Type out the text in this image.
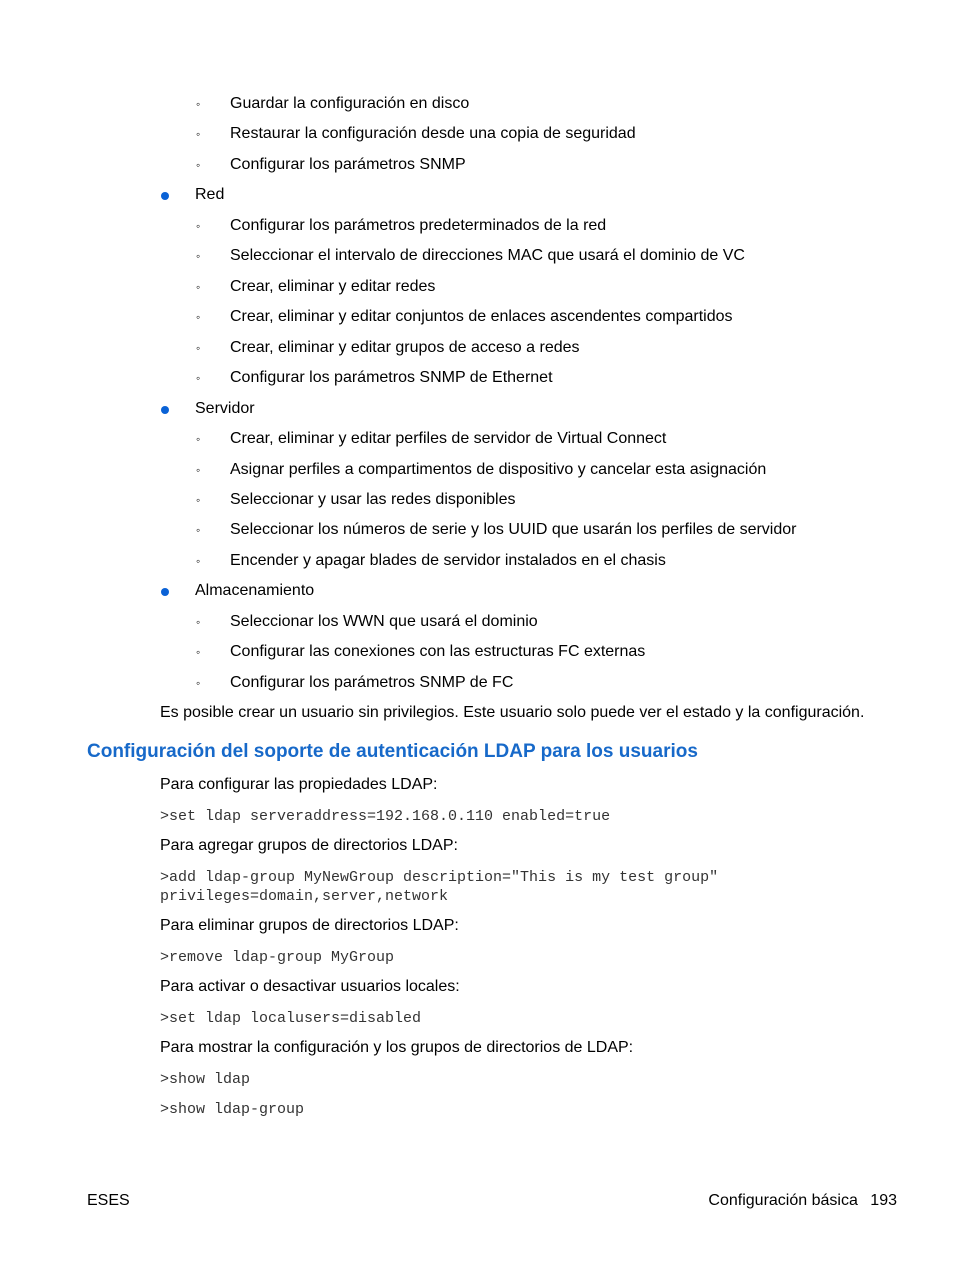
◦ Guardar la configuración en disco
◦ Restaurar la configuración desde una copia de seguridad
◦ Configurar los parámetros SNMP
Red
◦ Configurar los parámetros predeterminados de la red
◦ Seleccionar el intervalo de direcciones MAC que usará el dominio de VC
◦ Crear, eliminar y editar redes
◦ Crear, eliminar y editar conjuntos de enlaces ascendentes compartidos
◦ Crear, eliminar y editar grupos de acceso a redes
◦ Configurar los parámetros SNMP de Ethernet
Servidor
◦ Crear, eliminar y editar perfiles de servidor de Virtual Connect
◦ Asignar perfiles a compartimentos de dispositivo y cancelar esta asignación
◦ Seleccionar y usar las redes disponibles
◦ Seleccionar los números de serie y los UUID que usarán los perfiles de servidor
◦ Encender y apagar blades de servidor instalados en el chasis
Almacenamiento
◦ Seleccionar los WWN que usará el dominio
◦ Configurar las conexiones con las estructuras FC externas
◦ Configurar los parámetros SNMP de FC

Es posible crear un usuario sin privilegios. Este usuario solo puede ver el estado y la configuración.

Configuración del soporte de autenticación LDAP para los usuarios

Para configurar las propiedades LDAP:

>set ldap serveraddress=192.168.0.110 enabled=true

Para agregar grupos de directorios LDAP:

>add ldap-group MyNewGroup description="This is my test group"
privileges=domain,server,network

Para eliminar grupos de directorios LDAP:

>remove ldap-group MyGroup

Para activar o desactivar usuarios locales:

>set ldap localusers=disabled

Para mostrar la configuración y los grupos de directorios de LDAP:

>show ldap
>show ldap-group
ESES	Configuración básica 193
